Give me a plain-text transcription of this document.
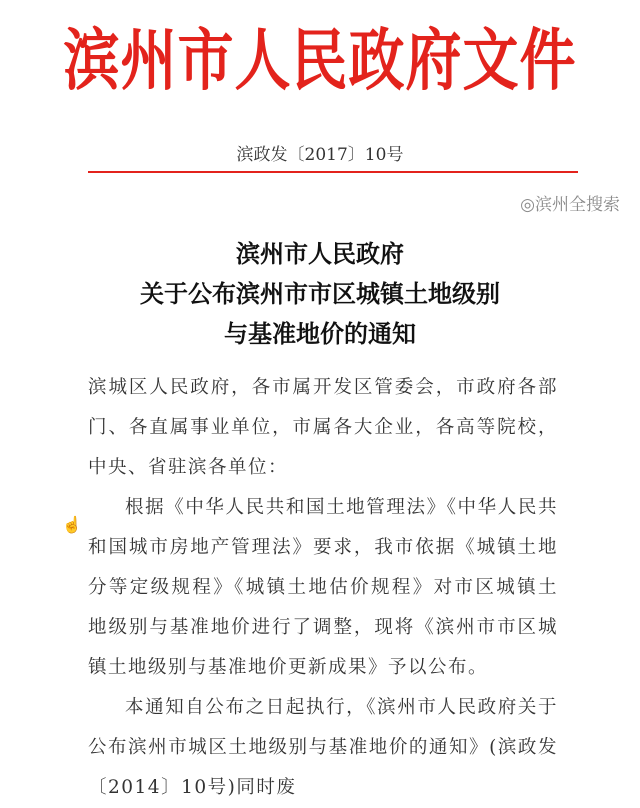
滨州市人民政府文件
滨政发〔2017〕10号
◎滨州全搜索
滨州市人民政府
关于公布滨州市市区城镇土地级别
与基准地价的通知

滨城区人民政府，各市属开发区管委会，市政府各部门、各直属事业单位，市属各大企业，各高等院校，中央、省驻滨各单位：

根据《中华人民共和国土地管理法》《中华人民共和国城市房地产管理法》要求，我市依据《城镇土地分等定级规程》《城镇土地估价规程》对市区城镇土地级别与基准地价进行了调整，现将《滨州市市区城镇土地级别与基准地价更新成果》予以公布。

本通知自公布之日起执行，《滨州市人民政府关于公布滨州市城区土地级别与基准地价的通知》(滨政发〔2014〕10号)同时废

☝
